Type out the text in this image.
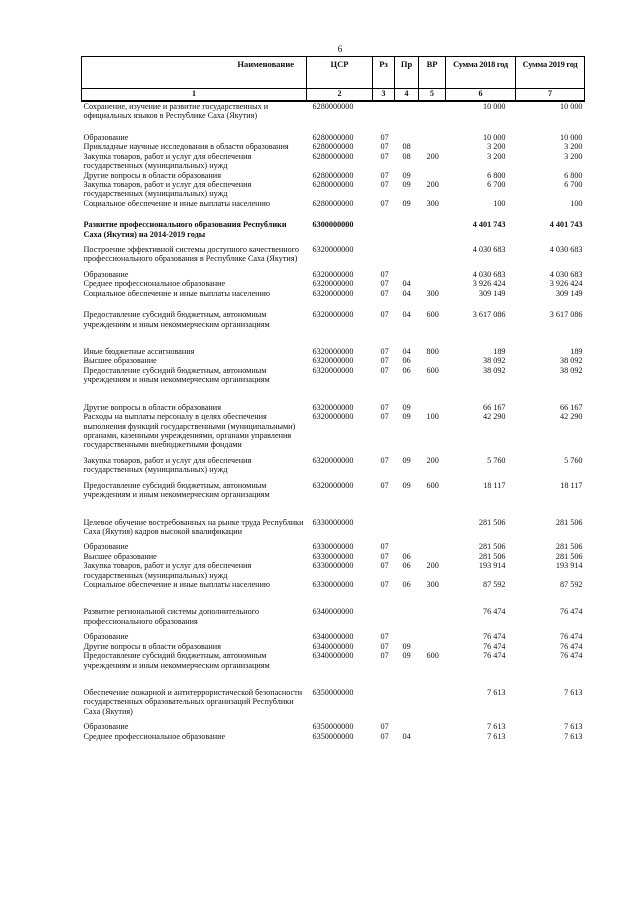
6
Наименование	ЦСР	Рз	Пр	ВР	Сумма 2018 год	Сумма 2019 год
1	2	3	4	5	6	7
Сохранение, изучение и развитие государственных и официальных языков в Республике Саха (Якутия)	6280000000				10 000	10 000

Образование	6280000000	07			10 000	10 000
Прикладные научные исследования в области образования	6280000000	07	08		3 200	3 200
Закупка товаров, работ и услуг для обеспечения государственных (муниципальных) нужд	6280000000	07	08	200	3 200	3 200
Другие вопросы в области образования	6280000000	07	09		6 800	6 800
Закупка товаров, работ и услуг для обеспечения государственных (муниципальных) нужд	6280000000	07	09	200	6 700	6 700
Социальное обеспечение и иные выплаты населению	6280000000	07	09	300	100	100

Развитие профессионального образования Республики Саха (Якутия) на 2014-2019 годы	6300000000				4 401 743	4 401 743

Построение эффективной системы доступного качественного профессионального образования в Республике Саха (Якутия)	6320000000				4 030 683	4 030 683

Образование	6320000000	07			4 030 683	4 030 683
Среднее профессиональное образование	6320000000	07	04		3 926 424	3 926 424
Социальное обеспечение и иные выплаты населению	6320000000	07	04	300	309 149	309 149

Предоставление субсидий бюджетным, автономным учреждениям и иным некоммерческим организациям	6320000000	07	04	600	3 617 086	3 617 086

Иные бюджетные ассигнования	6320000000	07	04	800	189	189
Высшее образование	6320000000	07	06		38 092	38 092
Предоставление субсидий бюджетным, автономным учреждениям и иным некоммерческим организациям	6320000000	07	06	600	38 092	38 092

Другие вопросы в области образования	6320000000	07	09		66 167	66 167
Расходы на выплаты персоналу в целях обеспечения выполнения функций государственными (муниципальными) органами, казенными учреждениями, органами управления государственными внебюджетными фондами	6320000000	07	09	100	42 290	42 290

Закупка товаров, работ и услуг для обеспечения государственных (муниципальных) нужд	6320000000	07	09	200	5 760	5 760

Предоставление субсидий бюджетным, автономным учреждениям и иным некоммерческим организациям	6320000000	07	09	600	18 117	18 117

Целевое обучение востребованных на рынке труда Республики Саха (Якутия) кадров высокой квалификации	6330000000				281 506	281 506

Образование	6330000000	07			281 506	281 506
Высшее образование	6330000000	07	06		281 506	281 506
Закупка товаров, работ и услуг для обеспечения государственных (муниципальных) нужд	6330000000	07	06	200	193 914	193 914
Социальное обеспечение и иные выплаты населению	6330000000	07	06	300	87 592	87 592

Развитие региональной системы дополнительного профессионального образования	6340000000				76 474	76 474

Образование	6340000000	07			76 474	76 474
Другие вопросы в области образования	6340000000	07	09		76 474	76 474
Предоставление субсидий бюджетным, автономным учреждениям и иным некоммерческим организациям	6340000000	07	09	600	76 474	76 474

Обеспечение пожарной и антитеррористической безопасности государственных образовательных организаций Республики Саха (Якутия)	6350000000				7 613	7 613

Образование	6350000000	07			7 613	7 613
Среднее профессиональное образование	6350000000	07	04		7 613	7 613
